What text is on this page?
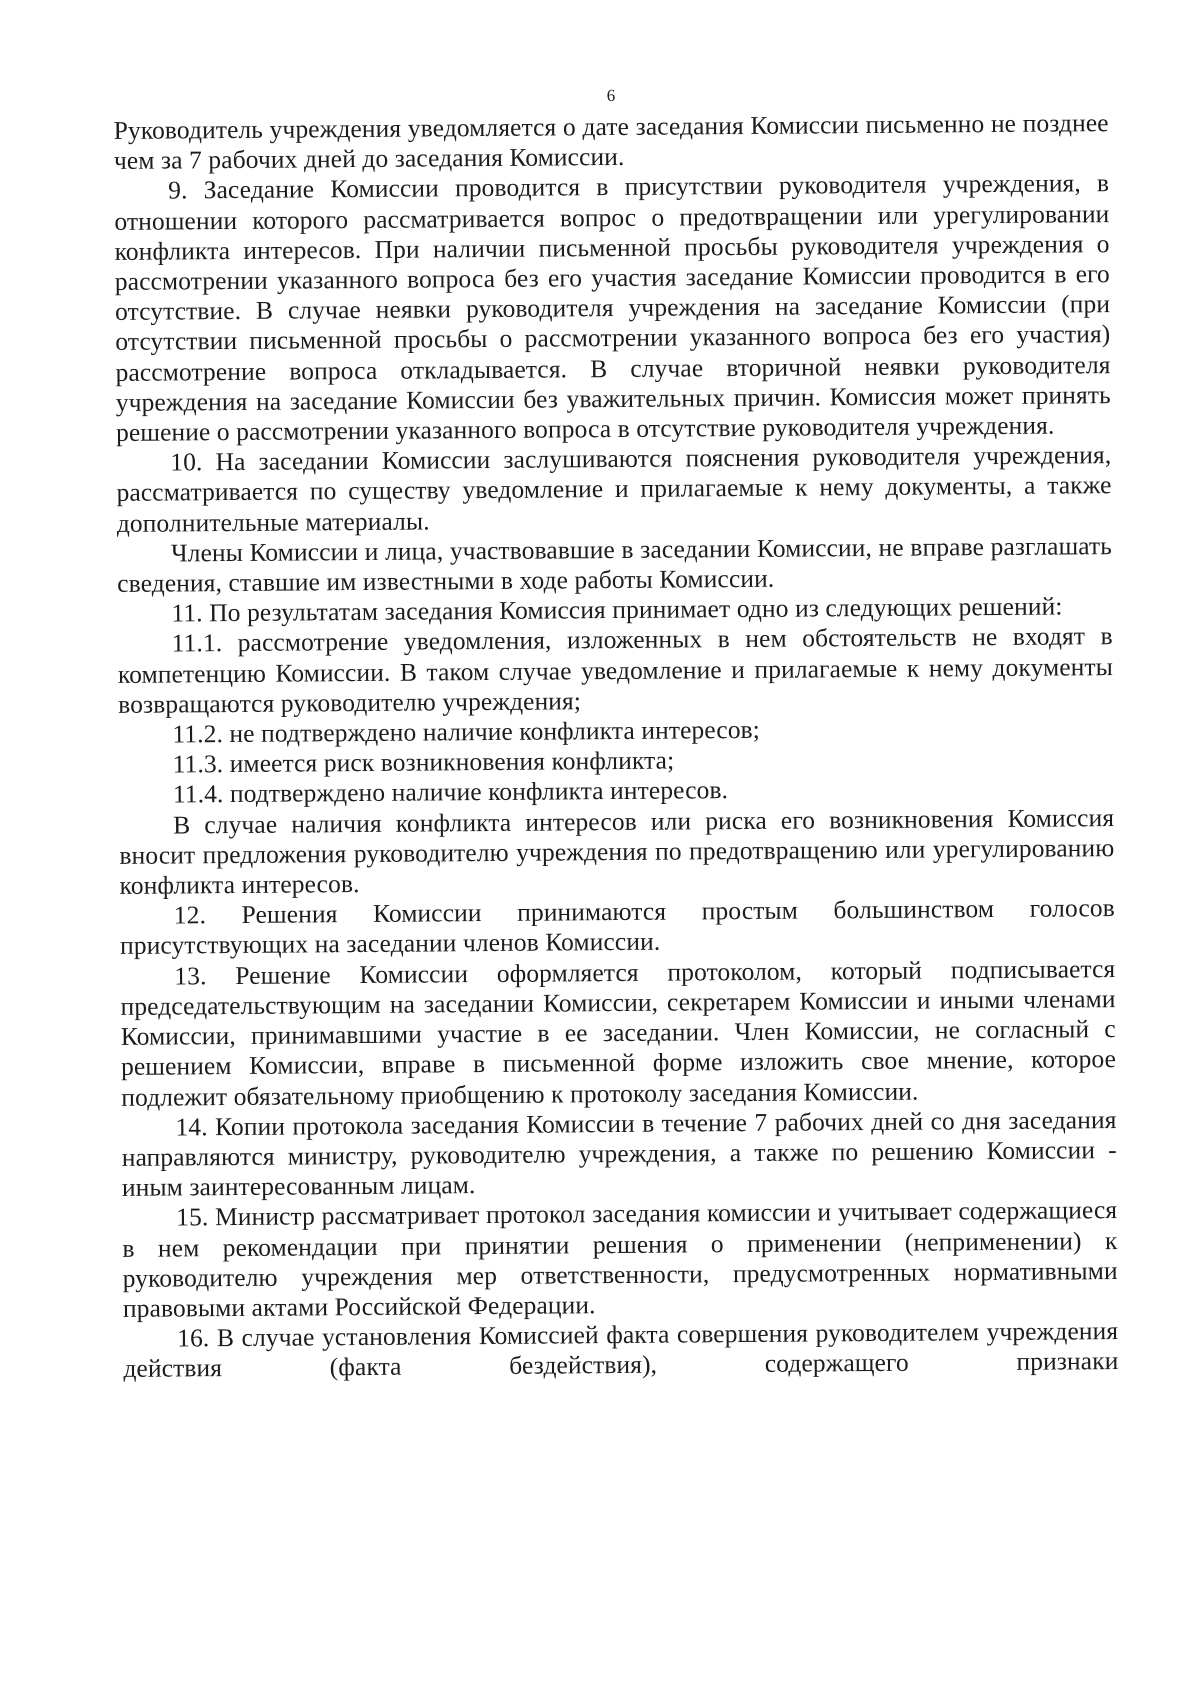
6

Руководитель учреждения уведомляется о дате заседания Комиссии письменно не позднее чем за 7 рабочих дней до заседания Комиссии.

9. Заседание Комиссии проводится в присутствии руководителя учреждения, в отношении которого рассматривается вопрос о предотвращении или урегулировании конфликта интересов. При наличии письменной просьбы руководителя учреждения о рассмотрении указанного вопроса без его участия заседание Комиссии проводится в его отсутствие. В случае неявки руководителя учреждения на заседание Комиссии (при отсутствии письменной просьбы о рассмотрении указанного вопроса без его участия) рассмотрение вопроса откладывается. В случае вторичной неявки руководителя учреждения на заседание Комиссии без уважительных причин. Комиссия может принять решение о рассмотрении указанного вопроса в отсутствие руководителя учреждения.

10. На заседании Комиссии заслушиваются пояснения руководителя учреждения, рассматривается по существу уведомление и прилагаемые к нему документы, а также дополнительные материалы.

Члены Комиссии и лица, участвовавшие в заседании Комиссии, не вправе разглашать сведения, ставшие им известными в ходе работы Комиссии.

11. По результатам заседания Комиссия принимает одно из следующих решений:

11.1. рассмотрение уведомления, изложенных в нем обстоятельств не входят в компетенцию Комиссии. В таком случае уведомление и прилагаемые к нему документы возвращаются руководителю учреждения;

11.2. не подтверждено наличие конфликта интересов;

11.3. имеется риск возникновения конфликта;

11.4. подтверждено наличие конфликта интересов.

В случае наличия конфликта интересов или риска его возникновения Комиссия вносит предложения руководителю учреждения по предотвращению или урегулированию конфликта интересов.

12. Решения Комиссии принимаются простым большинством голосов присутствующих на заседании членов Комиссии.

13. Решение Комиссии оформляется протоколом, который подписывается председательствующим на заседании Комиссии, секретарем Комиссии и иными членами Комиссии, принимавшими участие в ее заседании. Член Комиссии, не согласный с решением Комиссии, вправе в письменной форме изложить свое мнение, которое подлежит обязательному приобщению к протоколу заседания Комиссии.

14. Копии протокола заседания Комиссии в течение 7 рабочих дней со дня заседания направляются министру, руководителю учреждения, а также по решению Комиссии - иным заинтересованным лицам.

15. Министр рассматривает протокол заседания комиссии и учитывает содержащиеся в нем рекомендации при принятии решения о применении (неприменении) к руководителю учреждения мер ответственности, предусмотренных нормативными правовыми актами Российской Федерации.

16. В случае установления Комиссией факта совершения руководителем учреждения действия (факта бездействия), содержащего признаки
